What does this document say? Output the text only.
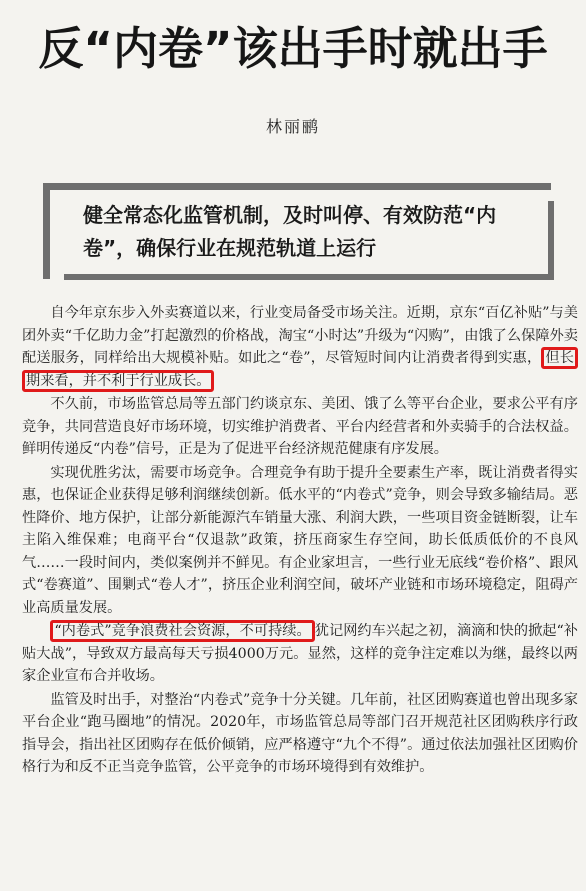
反“内卷”该出手时就出手
林丽鹂
健全常态化监管机制，及时叫停、有效防范“内卷”，确保行业在规范轨道上运行

自今年京东步入外卖赛道以来，行业变局备受市场关注。近期，京东“百亿补贴”与美团外卖“千亿助力金”打起激烈的价格战，淘宝“小时达”升级为“闪购”，由饿了么保障外卖配送服务，同样给出大规模补贴。如此之“卷”，尽管短时间内让消费者得到实惠， 但长期来看，并不利于行业成长。

不久前，市场监管总局等五部门约谈京东、美团、饿了么等平台企业，要求公平有序竞争，共同营造良好市场环境，切实维护消费者、平台内经营者和外卖骑手的合法权益。鲜明传递反“内卷”信号，正是为了促进平台经济规范健康有序发展。

实现优胜劣汰，需要市场竞争。合理竞争有助于提升全要素生产率，既让消费者得实惠，也保证企业获得足够利润继续创新。低水平的“内卷式”竞争，则会导致多输结局。恶性降价、地方保护，让部分新能源汽车销量大涨、利润大跌，一些项目资金链断裂，让车主陷入维保难；电商平台“仅退款”政策，挤压商家生存空间，助长低质低价的不良风气……一段时间内，类似案例并不鲜见。有企业家坦言，一些行业无底线“卷价格”、跟风式“卷赛道”、围剿式“卷人才”，挤压企业利润空间，破坏产业链和市场环境稳定，阻碍产业高质量发展。

“内卷式”竞争浪费社会资源，不可持续。 犹记网约车兴起之初，滴滴和快的掀起“补贴大战”，导致双方最高每天亏损4000万元。显然，这样的竞争注定难以为继，最终以两家企业宣布合并收场。

监管及时出手，对整治“内卷式”竞争十分关键。几年前，社区团购赛道也曾出现多家平台企业“跑马圈地”的情况。2020年，市场监管总局等部门召开规范社区团购秩序行政指导会，指出社区团购存在低价倾销，应严格遵守“九个不得”。通过依法加强社区团购价格行为和反不正当竞争监管，公平竞争的市场环境得到有效维护。
